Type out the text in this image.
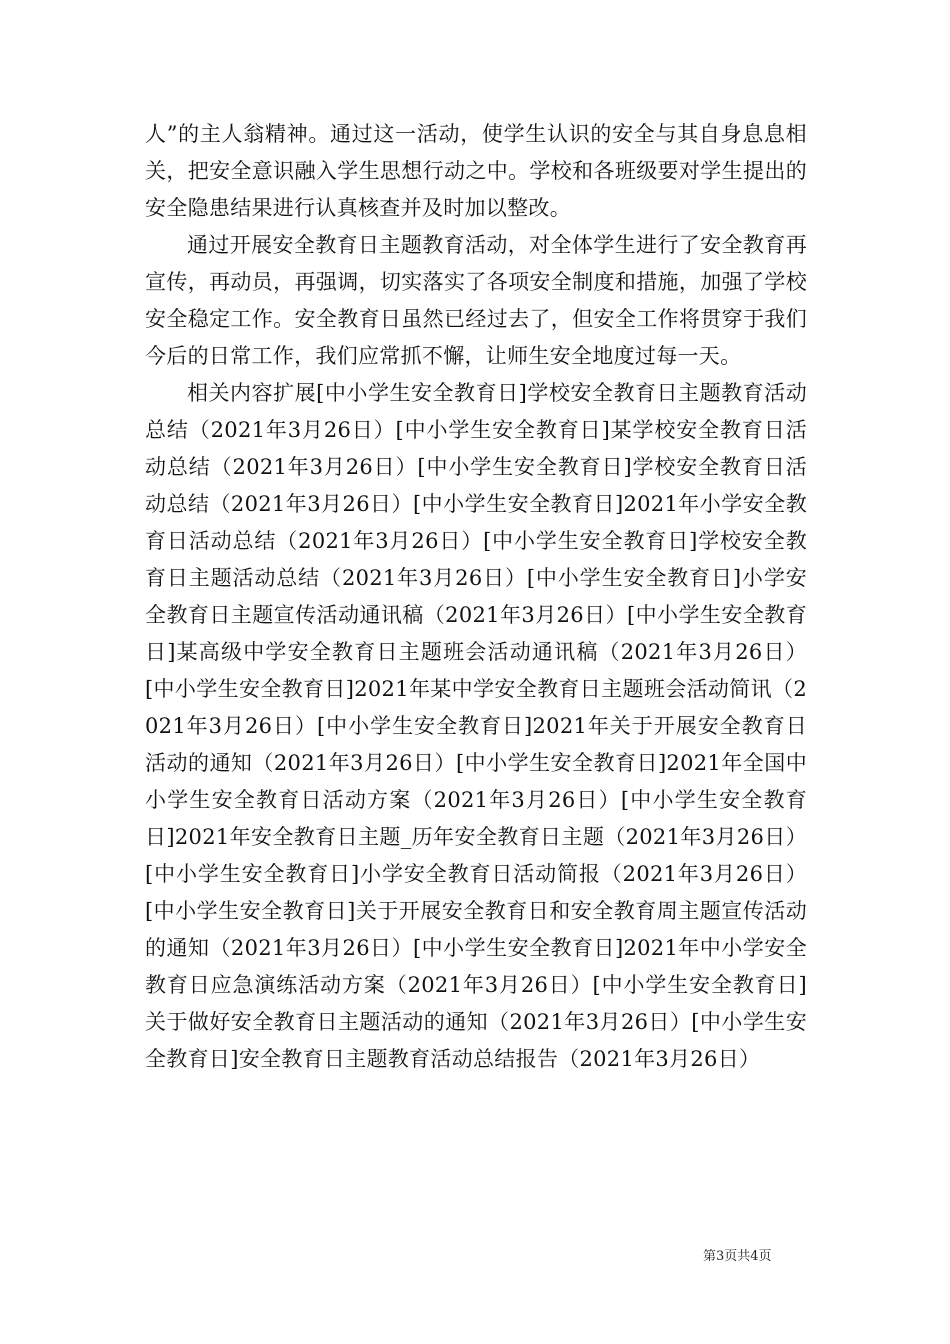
人”的主人翁精神。通过这一活动，使学生认识的安全与其自身息息相关，把安全意识融入学生思想行动之中。学校和各班级要对学生提出的安全隐患结果进行认真核查并及时加以整改。

通过开展安全教育日主题教育活动，对全体学生进行了安全教育再宣传，再动员，再强调，切实落实了各项安全制度和措施，加强了学校安全稳定工作。安全教育日虽然已经过去了，但安全工作将贯穿于我们今后的日常工作，我们应常抓不懈，让师生安全地度过每一天。

相关内容扩展[中小学生安全教育日]学校安全教育日主题教育活动总结（2021年3月26日）[中小学生安全教育日]某学校安全教育日活动总结（2021年3月26日）[中小学生安全教育日]学校安全教育日活动总结（2021年3月26日）[中小学生安全教育日]2021年小学安全教育日活动总结（2021年3月26日）[中小学生安全教育日]学校安全教育日主题活动总结（2021年3月26日）[中小学生安全教育日]小学安全教育日主题宣传活动通讯稿（2021年3月26日）[中小学生安全教育日]某高级中学安全教育日主题班会活动通讯稿（2021年3月26日）[中小学生安全教育日]2021年某中学安全教育日主题班会活动简讯（2021年3月26日）[中小学生安全教育日]2021年关于开展安全教育日活动的通知（2021年3月26日）[中小学生安全教育日]2021年全国中小学生安全教育日活动方案（2021年3月26日）[中小学生安全教育日]2021年安全教育日主题_历年安全教育日主题（2021年3月26日）[中小学生安全教育日]小学安全教育日活动简报（2021年3月26日）[中小学生安全教育日]关于开展安全教育日和安全教育周主题宣传活动的通知（2021年3月26日）[中小学生安全教育日]2021年中小学安全教育日应急演练活动方案（2021年3月26日）[中小学生安全教育日]关于做好安全教育日主题活动的通知（2021年3月26日）[中小学生安全教育日]安全教育日主题教育活动总结报告（2021年3月26日）

第3页共4页
